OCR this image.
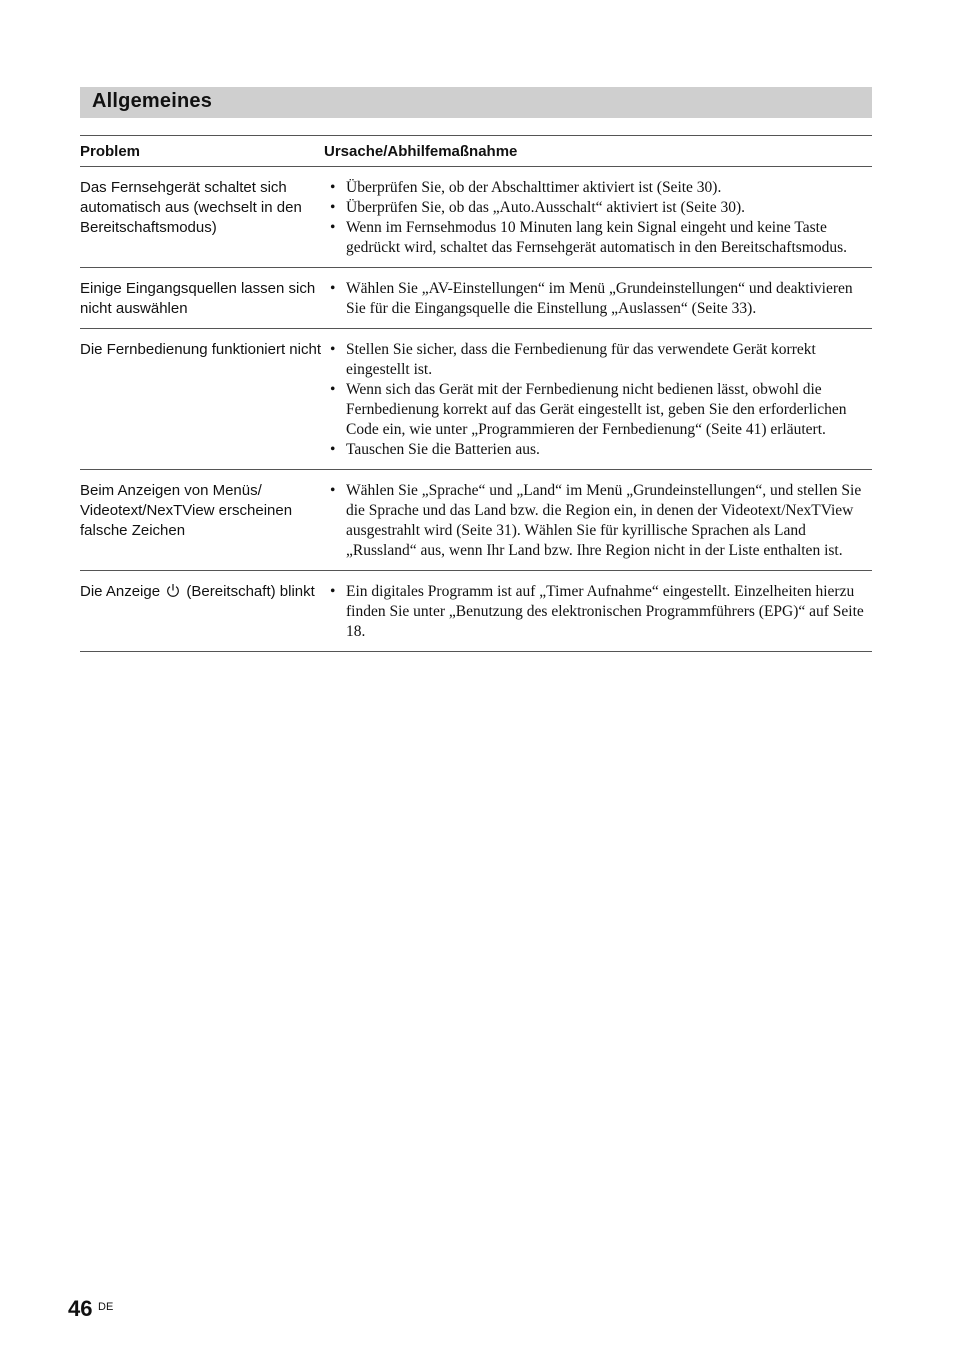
Allgemeines
Problem	Ursache/Abhilfemaßnahme
Das Fernsehgerät schaltet sich automatisch aus (wechselt in den Bereitschaftsmodus)
• Überprüfen Sie, ob der Abschalttimer aktiviert ist (Seite 30).
• Überprüfen Sie, ob das „Auto.Ausschalt“ aktiviert ist (Seite 30).
• Wenn im Fernsehmodus 10 Minuten lang kein Signal eingeht und keine Taste gedrückt wird, schaltet das Fernsehgerät automatisch in den Bereitschaftsmodus.
Einige Eingangsquellen lassen sich nicht auswählen
• Wählen Sie „AV-Einstellungen“ im Menü „Grundeinstellungen“ und deaktivieren Sie für die Eingangsquelle die Einstellung „Auslassen“ (Seite 33).
Die Fernbedienung funktioniert nicht	• Stellen Sie sicher, dass die Fernbedienung für das verwendete Gerät korrekt eingestellt ist.
• Wenn sich das Gerät mit der Fernbedienung nicht bedienen lässt, obwohl die Fernbedienung korrekt auf das Gerät eingestellt ist, geben Sie den erforderlichen Code ein, wie unter „Programmieren der Fernbedienung“ (Seite 41) erläutert.
• Tauschen Sie die Batterien aus.
Beim Anzeigen von Menüs/ Videotext/NexTView erscheinen falsche Zeichen
• Wählen Sie „Sprache“ und „Land“ im Menü „Grundeinstellungen“, und stellen Sie die Sprache und das Land bzw. die Region ein, in denen der Videotext/NexTView ausgestrahlt wird (Seite 31). Wählen Sie für kyrillische Sprachen als Land „Russland“ aus, wenn Ihr Land bzw. Ihre Region nicht in der Liste enthalten ist.
Die Anzeige (Bereitschaft) blinkt	• Ein digitales Programm ist auf „Timer Aufnahme“ eingestellt. Einzelheiten hierzu finden Sie unter „Benutzung des elektronischen Programmführers (EPG)“ auf Seite 18.
46 DE
